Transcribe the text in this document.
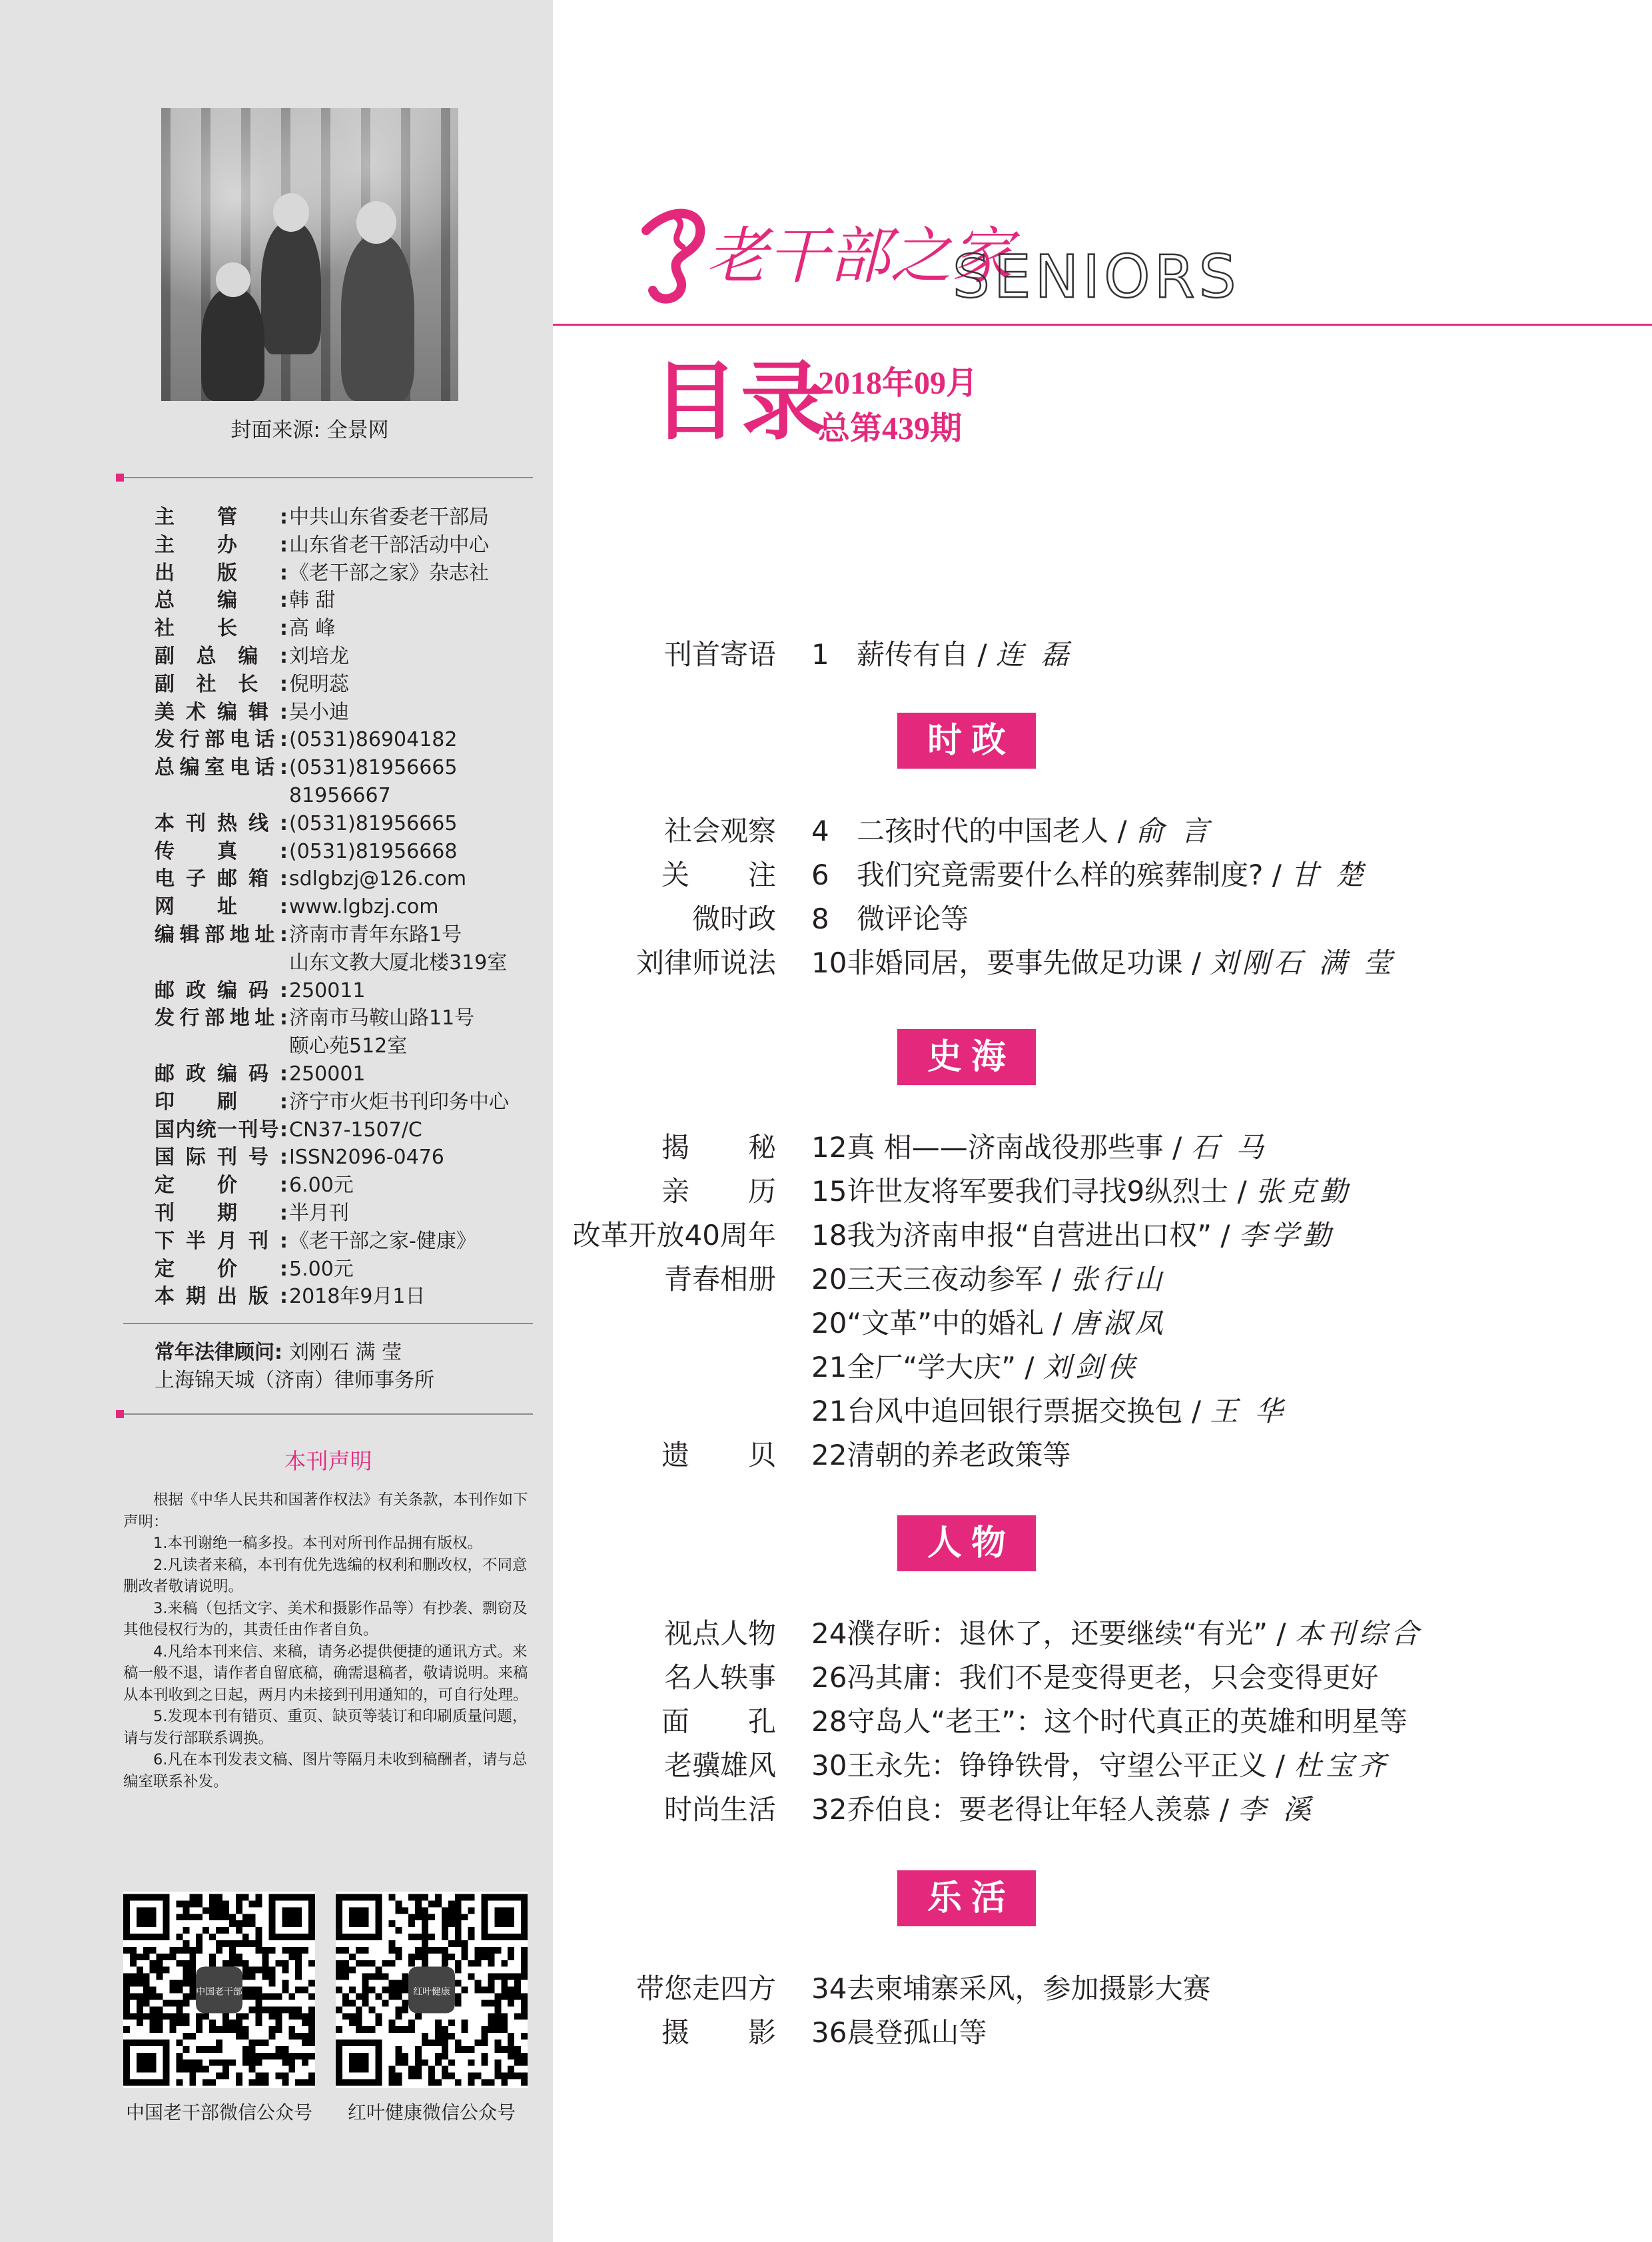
封面来源: 全景网
主 管 : 中共山东省委老干部局
主 办 : 山东省老干部活动中心
出 版 : 《老干部之家》杂志社
总 编 : 韩 甜
社 长 : 高 峰
副 总 编 : 刘培龙
副 社 长 : 倪明蕊
美 术 编 辑 : 吴小迪
发 行 部 电 话 : (0531)86904182
总 编 室 电 话 : (0531)81956665
81956667
本 刊 热 线 : (0531)81956665
传 真 : (0531)81956668
电 子 邮 箱 : sdlgbzj@126.com
网 址 : www.lgbzj.com
编 辑 部 地 址 : 济南市青年东路1号
山东文教大厦北楼319室
邮 政 编 码 : 250011
发 行 部 地 址 : 济南市马鞍山路11号
颐心苑512室
邮 政 编 码 : 250001
印 刷 : 济宁市火炬书刊印务中心
国 内 统 一 刊 号 : CN37-1507/C
国 际 刊 号 : ISSN2096-0476
定 价 : 6.00元
刊 期 : 半月刊
下 半 月 刊 : 《老干部之家-健康》
定 价 : 5.00元
本 期 出 版 : 2018年9月1日
常年法律顾问: 刘刚石 满 莹
上海锦天城（济南）律师事务所
本刊声明

根据《中华人民共和国著作权法》有关条款，本刊作如下声明：

1.本刊谢绝一稿多投。本刊对所刊作品拥有版权。

2.凡读者来稿，本刊有优先选编的权利和删改权，不同意删改者敬请说明。

3.来稿（包括文字、美术和摄影作品等）有抄袭、剽窃及其他侵权行为的，其责任由作者自负。

4.凡给本刊来信、来稿，请务必提供便捷的通讯方式。来稿一般不退，请作者自留底稿，确需退稿者，敬请说明。来稿从本刊收到之日起，两月内未接到刊用通知的，可自行处理。

5.发现本刊有错页、重页、缺页等装订和印刷质量问题，请与发行部联系调换。

6.凡在本刊发表文稿、图片等隔月未收到稿酬者，请与总编室联系补发。

中国老干部	红叶健康
中国老干部微信公众号	红叶健康微信公众号
老干部之家
SENIORS
目录
2018年09月
总第439期
刊首寄语 1 薪传有自 / 连 磊
时政
社会观察 4 二孩时代的中国老人 / 俞 言
关 注 6 我们究竟需要什么样的殡葬制度? / 甘 楚
微时政 8 微评论等
刘律师说法 10非婚同居，要事先做足功课 / 刘刚石 满 莹
史海
揭 秘 12真 相——济南战役那些事 / 石 马
亲 历 15许世友将军要我们寻找9纵烈士 / 张克勤
改革开放40周年 18我为济南申报“自营进出口权” / 李学勤
青春相册 20三天三夜动参军 / 张行山
20“文革”中的婚礼 / 唐淑凤
21全厂“学大庆” / 刘剑侠
21台风中追回银行票据交换包 / 王 华
遗 贝 22清朝的养老政策等
人物
视点人物 24濮存昕：退休了，还要继续“有光” / 本刊综合
名人轶事 26冯其庸：我们不是变得更老，只会变得更好
面 孔 28守岛人“老王”：这个时代真正的英雄和明星等
老骥雄风 30王永先：铮铮铁骨，守望公平正义 / 杜宝齐
时尚生活 32乔伯良：要老得让年轻人羡慕 / 李 溪
乐活
带您走四方 34去柬埔寨采风，参加摄影大赛
摄 影 36晨登孤山等
